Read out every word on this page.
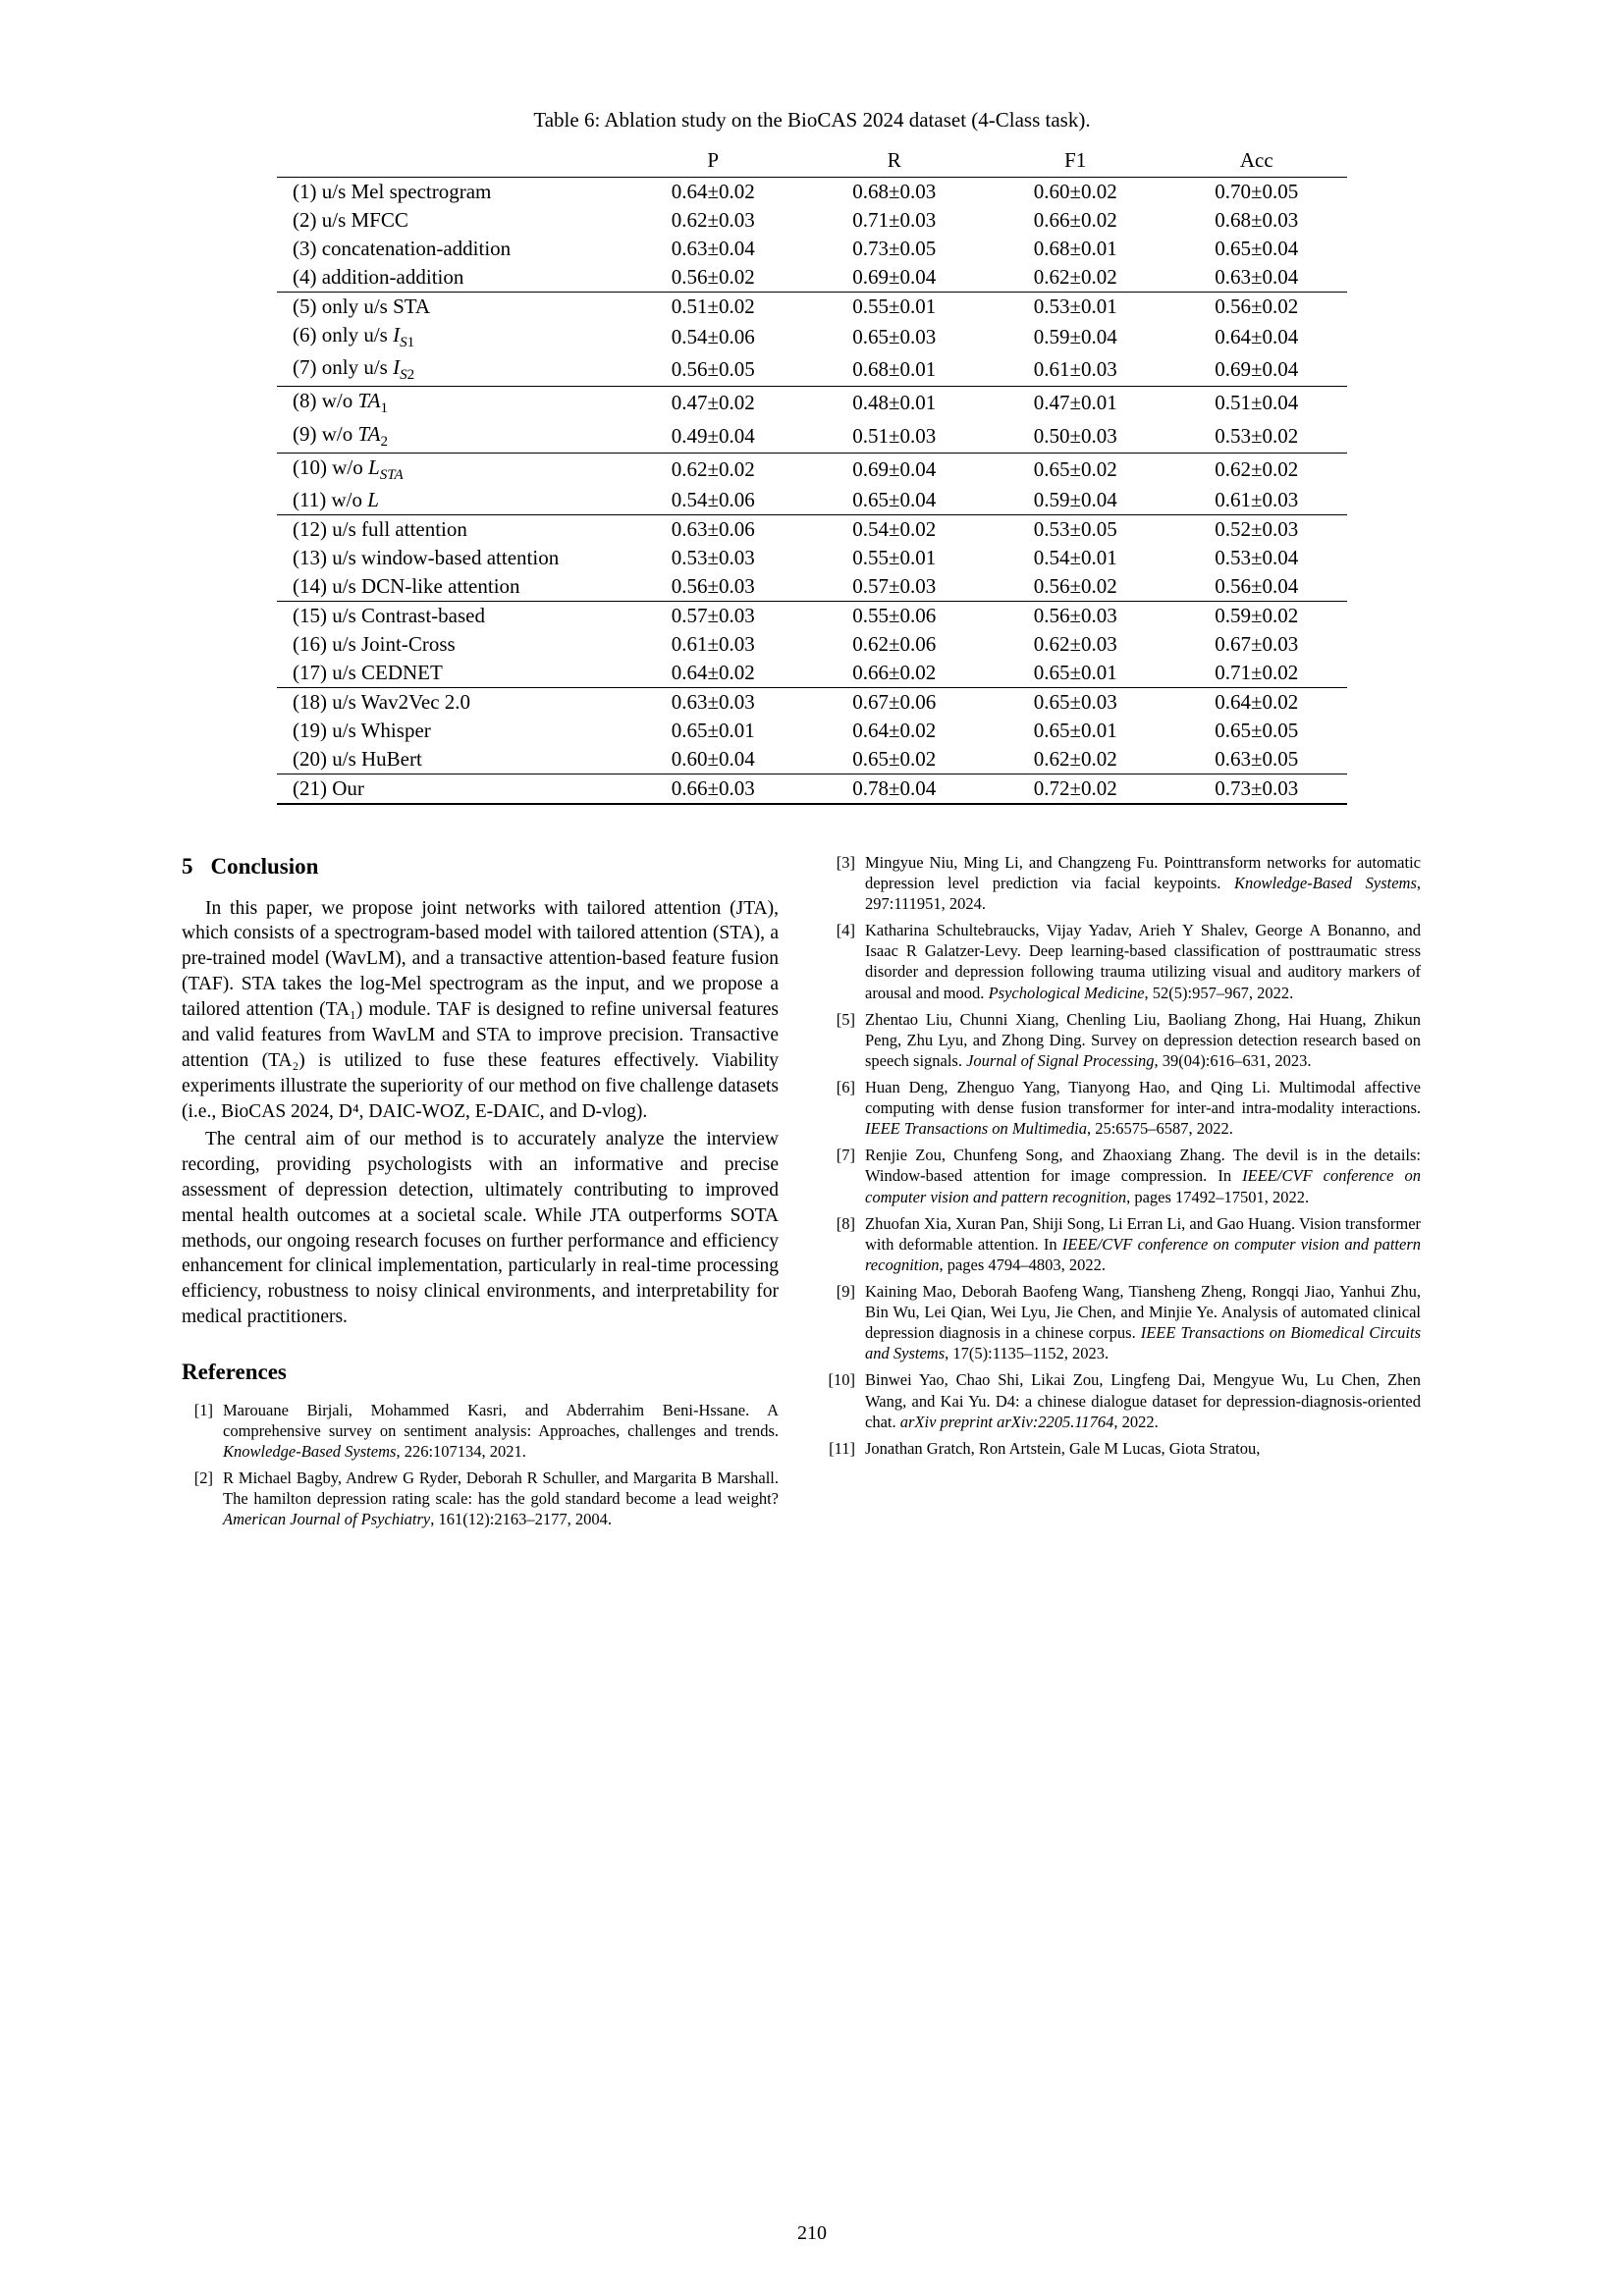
Table 6: Ablation study on the BioCAS 2024 dataset (4-Class task).
	P	R	F1	Acc
(1) u/s Mel spectrogram	0.64±0.02	0.68±0.03	0.60±0.02	0.70±0.05
(2) u/s MFCC	0.62±0.03	0.71±0.03	0.66±0.02	0.68±0.03
(3) concatenation-addition	0.63±0.04	0.73±0.05	0.68±0.01	0.65±0.04
(4) addition-addition	0.56±0.02	0.69±0.04	0.62±0.02	0.63±0.04
(5) only u/s STA	0.51±0.02	0.55±0.01	0.53±0.01	0.56±0.02
(6) only u/s $I_{S1}$	0.54±0.06	0.65±0.03	0.59±0.04	0.64±0.04
(7) only u/s $I_{S2}$	0.56±0.05	0.68±0.01	0.61±0.03	0.69±0.04
(8) w/o $TA_1$	0.47±0.02	0.48±0.01	0.47±0.01	0.51±0.04
(9) w/o $TA_2$	0.49±0.04	0.51±0.03	0.50±0.03	0.53±0.02
(10) w/o $L_{STA}$	0.62±0.02	0.69±0.04	0.65±0.02	0.62±0.02
(11) w/o L	0.54±0.06	0.65±0.04	0.59±0.04	0.61±0.03
(12) u/s full attention	0.63±0.06	0.54±0.02	0.53±0.05	0.52±0.03
(13) u/s window-based attention	0.53±0.03	0.55±0.01	0.54±0.01	0.53±0.04
(14) u/s DCN-like attention	0.56±0.03	0.57±0.03	0.56±0.02	0.56±0.04
(15) u/s Contrast-based	0.57±0.03	0.55±0.06	0.56±0.03	0.59±0.02
(16) u/s Joint-Cross	0.61±0.03	0.62±0.06	0.62±0.03	0.67±0.03
(17) u/s CEDNET	0.64±0.02	0.66±0.02	0.65±0.01	0.71±0.02
(18) u/s Wav2Vec 2.0	0.63±0.03	0.67±0.06	0.65±0.03	0.64±0.02
(19) u/s Whisper	0.65±0.01	0.64±0.02	0.65±0.01	0.65±0.05
(20) u/s HuBert	0.60±0.04	0.65±0.02	0.62±0.02	0.63±0.05
(21) Our	0.66±0.03	0.78±0.04	0.72±0.02	0.73±0.03
5 Conclusion

In this paper, we propose joint networks with tailored attention (JTA), which consists of a spectrogram-based model with tailored attention (STA), a pre-trained model (WavLM), and a transactive attention-based feature fusion (TAF). STA takes the log-Mel spectrogram as the input, and we propose a tailored attention (TA₁) module. TAF is designed to refine universal features and valid features from WavLM and STA to improve precision. Transactive attention (TA₂) is utilized to fuse these features effectively. Viability experiments illustrate the superiority of our method on five challenge datasets (i.e., BioCAS 2024, D⁴, DAIC-WOZ, E-DAIC, and D-vlog).

The central aim of our method is to accurately analyze the interview recording, providing psychologists with an informative and precise assessment of depression detection, ultimately contributing to improved mental health outcomes at a societal scale. While JTA outperforms SOTA methods, our ongoing research focuses on further performance and efficiency enhancement for clinical implementation, particularly in real-time processing efficiency, robustness to noisy clinical environments, and interpretability for medical practitioners.

References
[1] Marouane Birjali, Mohammed Kasri, and Abderrahim Beni-Hssane. A comprehensive survey on sentiment analysis: Approaches, challenges and trends. Knowledge-Based Systems, 226:107134, 2021.
[2] R Michael Bagby, Andrew G Ryder, Deborah R Schuller, and Margarita B Marshall. The hamilton depression rating scale: has the gold standard become a lead weight? American Journal of Psychiatry, 161(12):2163–2177, 2004.
[3] Mingyue Niu, Ming Li, and Changzeng Fu. Pointtransform networks for automatic depression level prediction via facial keypoints. Knowledge-Based Systems, 297:111951, 2024.
[4] Katharina Schultebraucks, Vijay Yadav, Arieh Y Shalev, George A Bonanno, and Isaac R Galatzer-Levy. Deep learning-based classification of posttraumatic stress disorder and depression following trauma utilizing visual and auditory markers of arousal and mood. Psychological Medicine, 52(5):957–967, 2022.
[5] Zhentao Liu, Chunni Xiang, Chenling Liu, Baoliang Zhong, Hai Huang, Zhikun Peng, Zhu Lyu, and Zhong Ding. Survey on depression detection research based on speech signals. Journal of Signal Processing, 39(04):616–631, 2023.
[6] Huan Deng, Zhenguo Yang, Tianyong Hao, and Qing Li. Multimodal affective computing with dense fusion transformer for inter-and intra-modality interactions. IEEE Transactions on Multimedia, 25:6575–6587, 2022.
[7] Renjie Zou, Chunfeng Song, and Zhaoxiang Zhang. The devil is in the details: Window-based attention for image compression. In IEEE/CVF conference on computer vision and pattern recognition, pages 17492–17501, 2022.
[8] Zhuofan Xia, Xuran Pan, Shiji Song, Li Erran Li, and Gao Huang. Vision transformer with deformable attention. In IEEE/CVF conference on computer vision and pattern recognition, pages 4794–4803, 2022.
[9] Kaining Mao, Deborah Baofeng Wang, Tiansheng Zheng, Rongqi Jiao, Yanhui Zhu, Bin Wu, Lei Qian, Wei Lyu, Jie Chen, and Minjie Ye. Analysis of automated clinical depression diagnosis in a chinese corpus. IEEE Transactions on Biomedical Circuits and Systems, 17(5):1135–1152, 2023.
[10] Binwei Yao, Chao Shi, Likai Zou, Lingfeng Dai, Mengyue Wu, Lu Chen, Zhen Wang, and Kai Yu. D4: a chinese dialogue dataset for depression-diagnosis-oriented chat. arXiv preprint arXiv:2205.11764, 2022.
[11] Jonathan Gratch, Ron Artstein, Gale M Lucas, Giota Stratou,
210
